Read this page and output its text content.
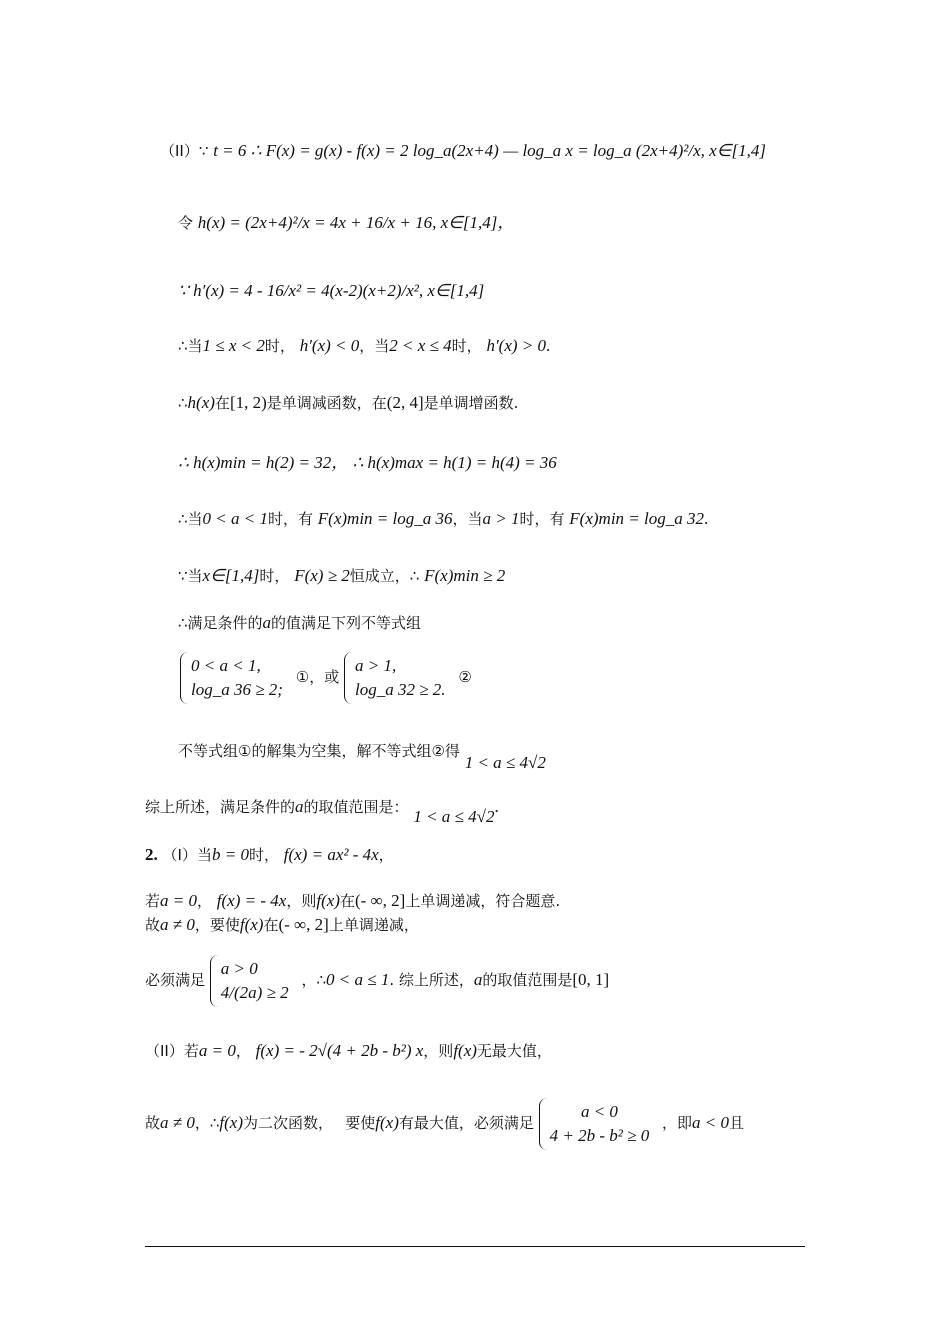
（II）∵ t = 6 ∴ F(x) = g(x) - f(x) = 2 log_a(2x+4) — log_a x = log_a (2x+4)²/x, x∈[1,4]
令 h(x) = (2x+4)²/x = 4x + 16/x + 16, x∈[1,4]，
∵ h′(x) = 4 - 16/x² = 4(x-2)(x+2)/x², x∈[1,4]
∴当1 ≤ x < 2时， h′(x) < 0，当2 < x ≤ 4时， h′(x) > 0.
∴h(x)在[1, 2)是单调减函数，在(2, 4]是单调增函数.
∴ h(x)min = h(2) = 32， ∴ h(x)max = h(1) = h(4) = 36
∴当0 < a < 1时，有 F(x)min = log_a 36，当a > 1时，有 F(x)min = log_a 32.
∵当x∈[1,4]时， F(x) ≥ 2恒成立，∴ F(x)min ≥ 2
∴满足条件的a的值满足下列不等式组
0 < a < 1,
log_a 36 ≥ 2;
①，或
a > 1,
log_a 32 ≥ 2.
②
不等式组①的解集为空集，解不等式组②得 1 < a ≤ 4√2
综上所述，满足条件的a的取值范围是： 1 < a ≤ 4√2.
2. （I）当b = 0时， f(x) = ax² - 4x，
若a = 0， f(x) = - 4x，则f(x)在(- ∞, 2]上单调递减，符合题意.
故a ≠ 0，要使f(x)在(- ∞, 2]上单调递减，
必须满足
a > 0
4/(2a) ≥ 2
，∴0 < a ≤ 1. 综上所述，a的取值范围是[0, 1]
（II）若a = 0， f(x) = - 2√(4 + 2b - b²) x，则f(x)无最大值，
故a ≠ 0，∴f(x)为二次函数，　 要使f(x)有最大值，必须满足
a < 0
4 + 2b - b² ≥ 0
，即a < 0且
